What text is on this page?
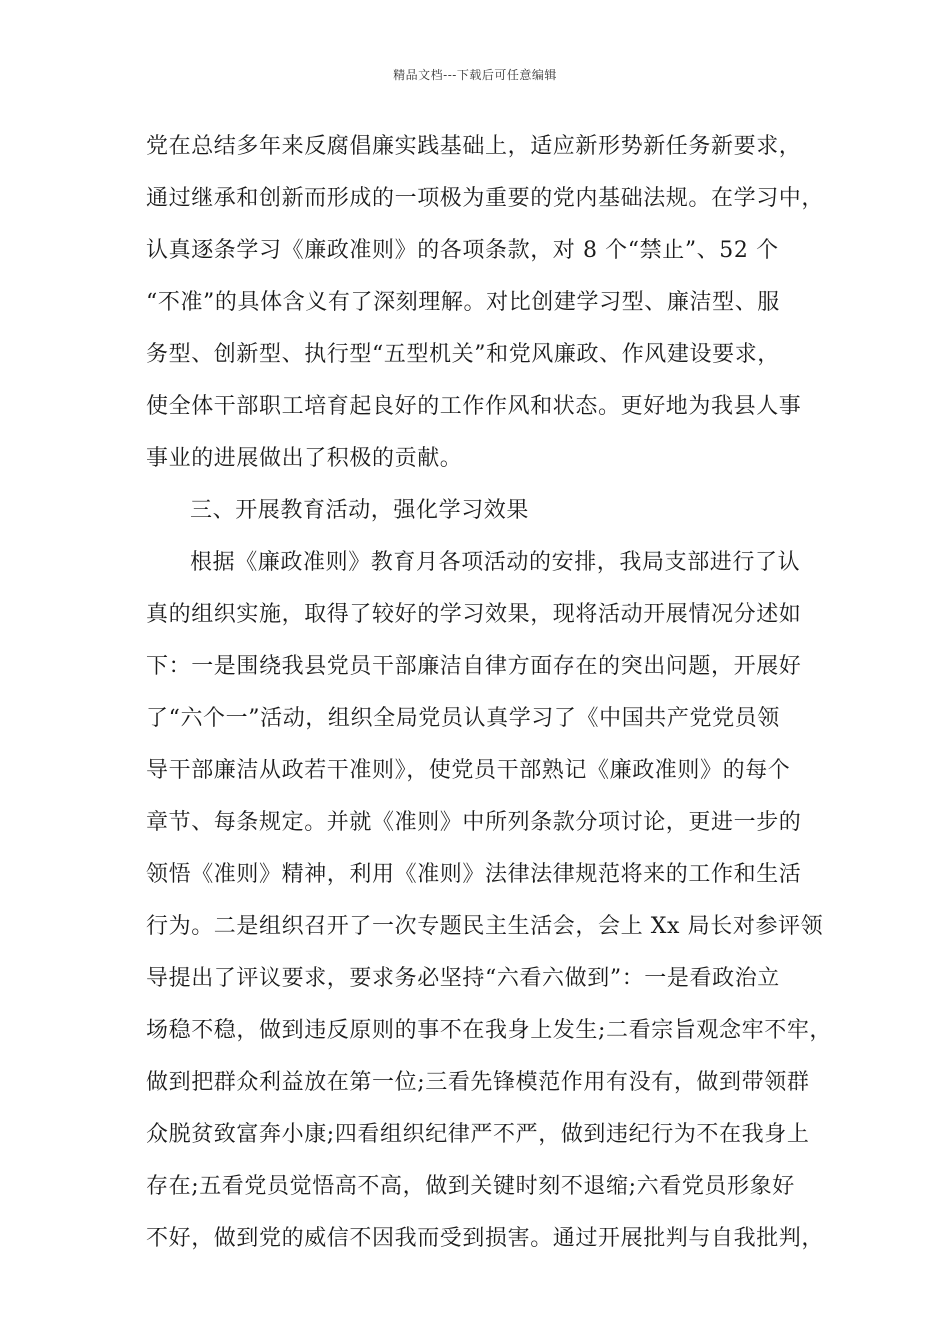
精品文档---下载后可任意编辑
党在总结多年来反腐倡廉实践基础上，适应新形势新任务新要求，
通过继承和创新而形成的一项极为重要的党内基础法规。在学习中，
认真逐条学习《廉政准则》的各项条款，对 8 个“禁止”、52 个
“不准”的具体含义有了深刻理解。对比创建学习型、廉洁型、服
务型、创新型、执行型“五型机关”和党风廉政、作风建设要求，
使全体干部职工培育起良好的工作作风和状态。更好地为我县人事
事业的进展做出了积极的贡献。
三、开展教育活动，强化学习效果
根据《廉政准则》教育月各项活动的安排，我局支部进行了认
真的组织实施，取得了较好的学习效果，现将活动开展情况分述如
下：一是围绕我县党员干部廉洁自律方面存在的突出问题，开展好
了“六个一”活动，组织全局党员认真学习了《中国共产党党员领
导干部廉洁从政若干准则》，使党员干部熟记《廉政准则》的每个
章节、每条规定。并就《准则》中所列条款分项讨论，更进一步的
领悟《准则》精神，利用《准则》法律法律规范将来的工作和生活
行为。二是组织召开了一次专题民主生活会，会上 Xx 局长对参评领
导提出了评议要求，要求务必坚持“六看六做到”：一是看政治立
场稳不稳，做到违反原则的事不在我身上发生;二看宗旨观念牢不牢，
做到把群众利益放在第一位;三看先锋模范作用有没有，做到带领群
众脱贫致富奔小康;四看组织纪律严不严，做到违纪行为不在我身上
存在;五看党员觉悟高不高，做到关键时刻不退缩;六看党员形象好
不好，做到党的威信不因我而受到损害。通过开展批判与自我批判，
